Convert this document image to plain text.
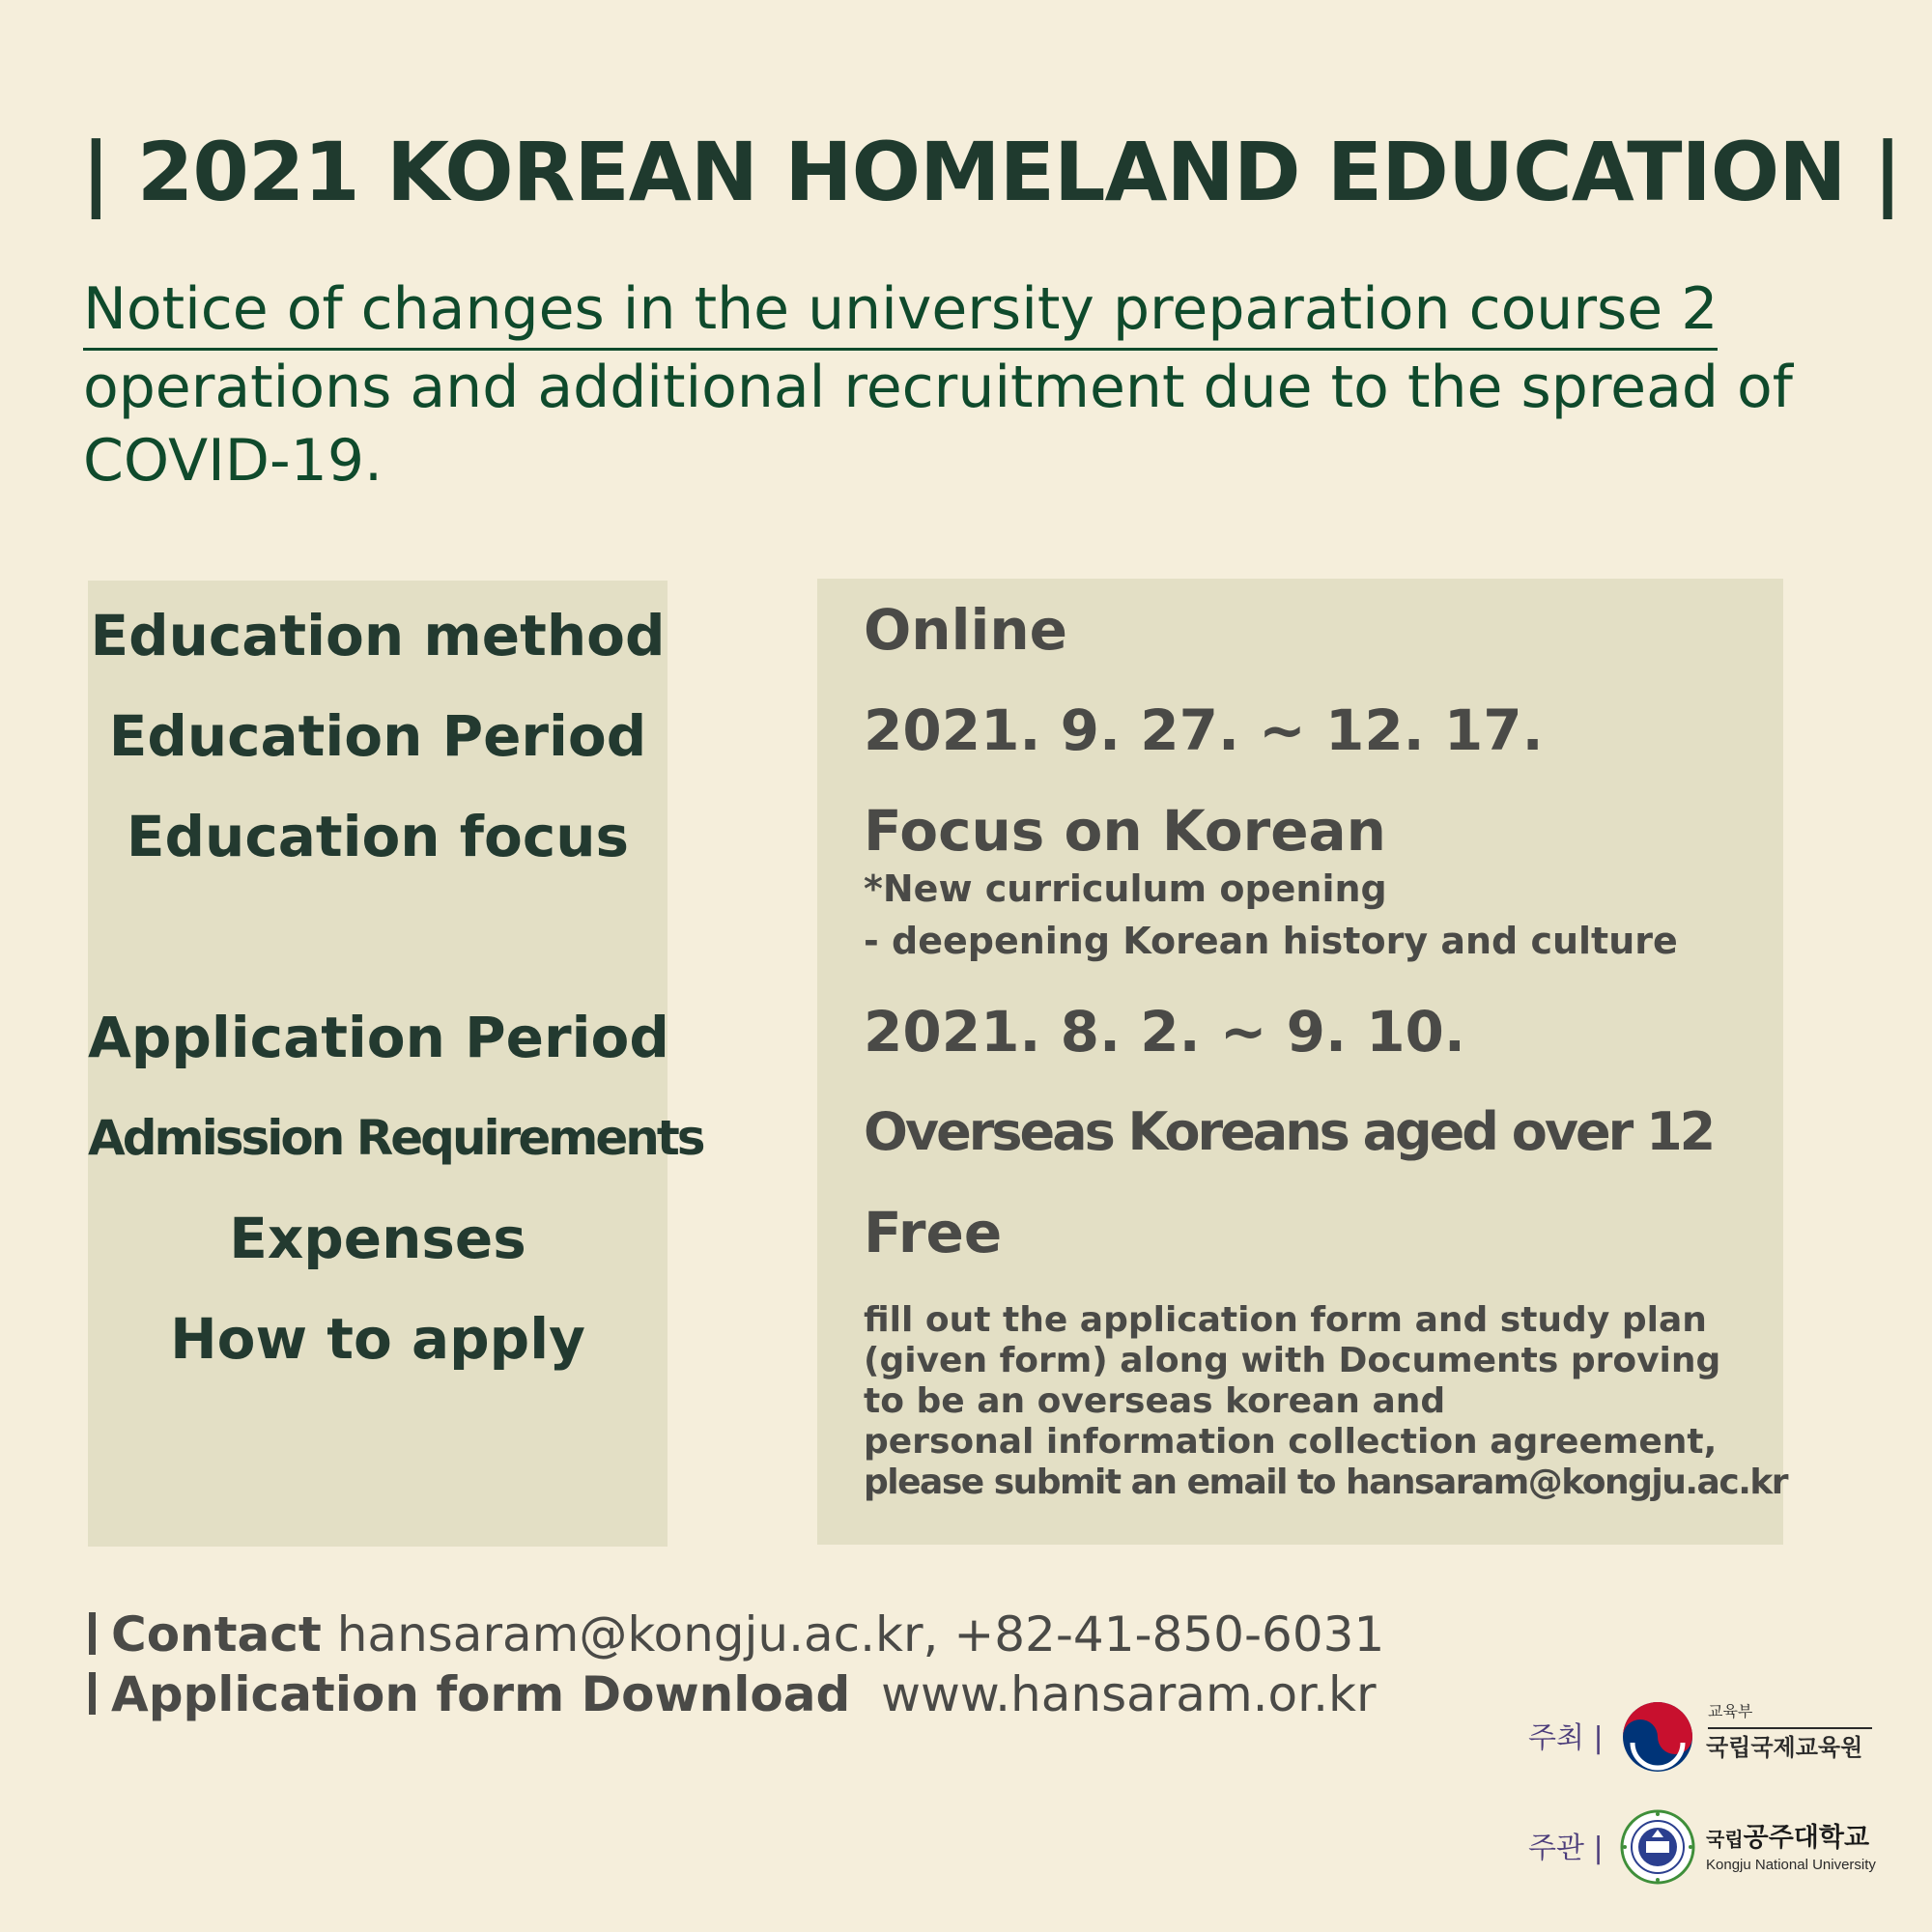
| 2021 KOREAN HOMELAND EDUCATION |
Notice of changes in the university preparation course 2
operations and additional recruitment due to the spread of
COVID-19.
Education method
Education Period
Education focus
Application Period
Admission Requirements
Expenses
How to apply
Online
2021. 9. 27. ~ 12. 17.
Focus on Korean
*New curriculum opening
- deepening Korean history and culture
2021. 8. 2. ~ 9. 10.
Overseas Koreans aged over 12
Free
fill out the application form and study plan
(given form) along with Documents proving
to be an overseas korean and
personal information collection agreement,
please submit an email to hansaram@kongju.ac.kr
Contact hansaram@kongju.ac.kr, +82-41-850-6031
Application form Download www.hansaram.or.kr
주최 |
교육부
국립국제교육원
주관 |	국립공주대학교
Kongju National University
